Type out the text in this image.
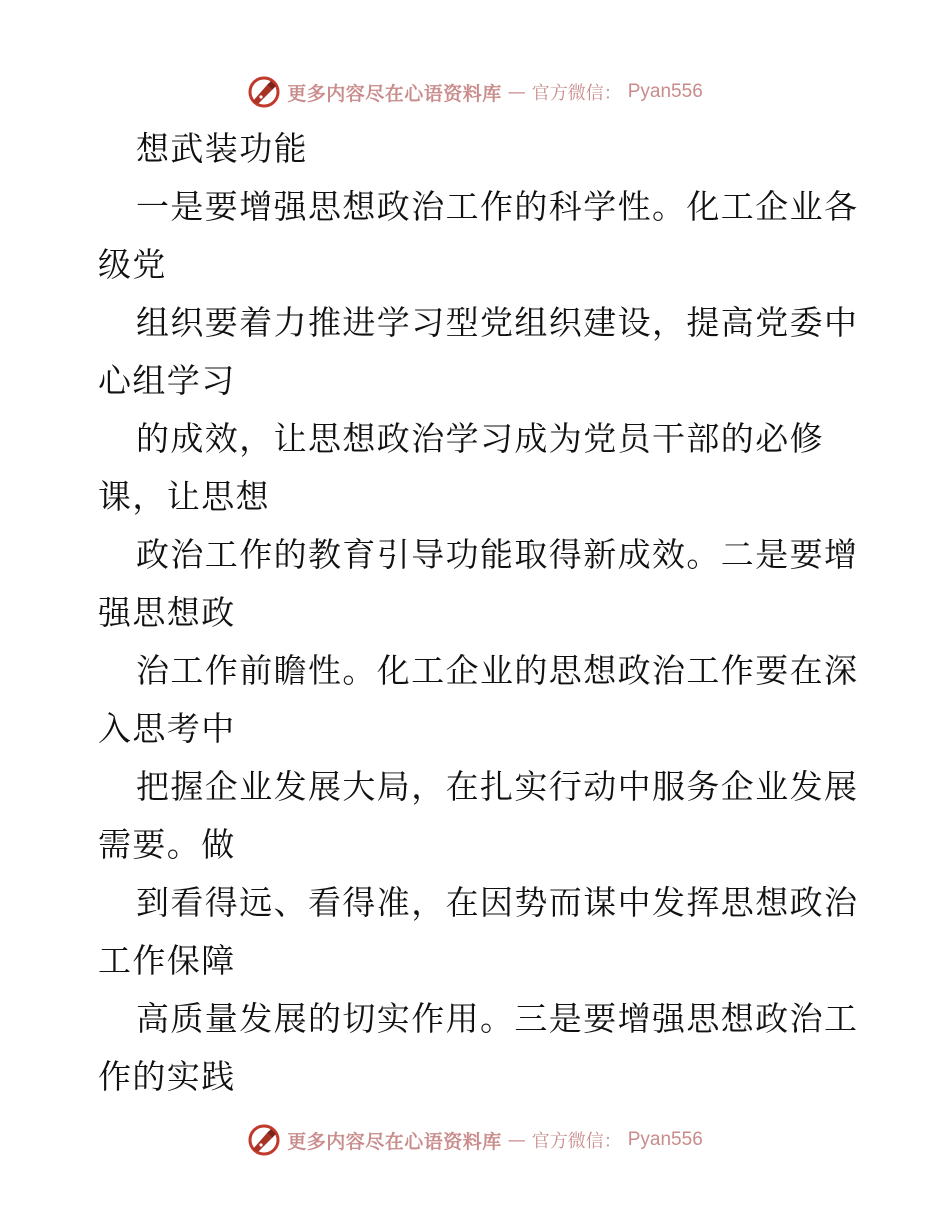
更多内容尽在心语资料库 — 官方微信： Pyan556
想武装功能
一是要增强思想政治工作的科学性。化工企业各
级党
组织要着力推进学习型党组织建设，提高党委中
心组学习
的成效，让思想政治学习成为党员干部的必修
课，让思想
政治工作的教育引导功能取得新成效。二是要增
强思想政
治工作前瞻性。化工企业的思想政治工作要在深
入思考中
把握企业发展大局，在扎实行动中服务企业发展
需要。做
到看得远、看得准，在因势而谋中发挥思想政治
工作保障
高质量发展的切实作用。三是要增强思想政治工
作的实践
更多内容尽在心语资料库 — 官方微信： Pyan556
